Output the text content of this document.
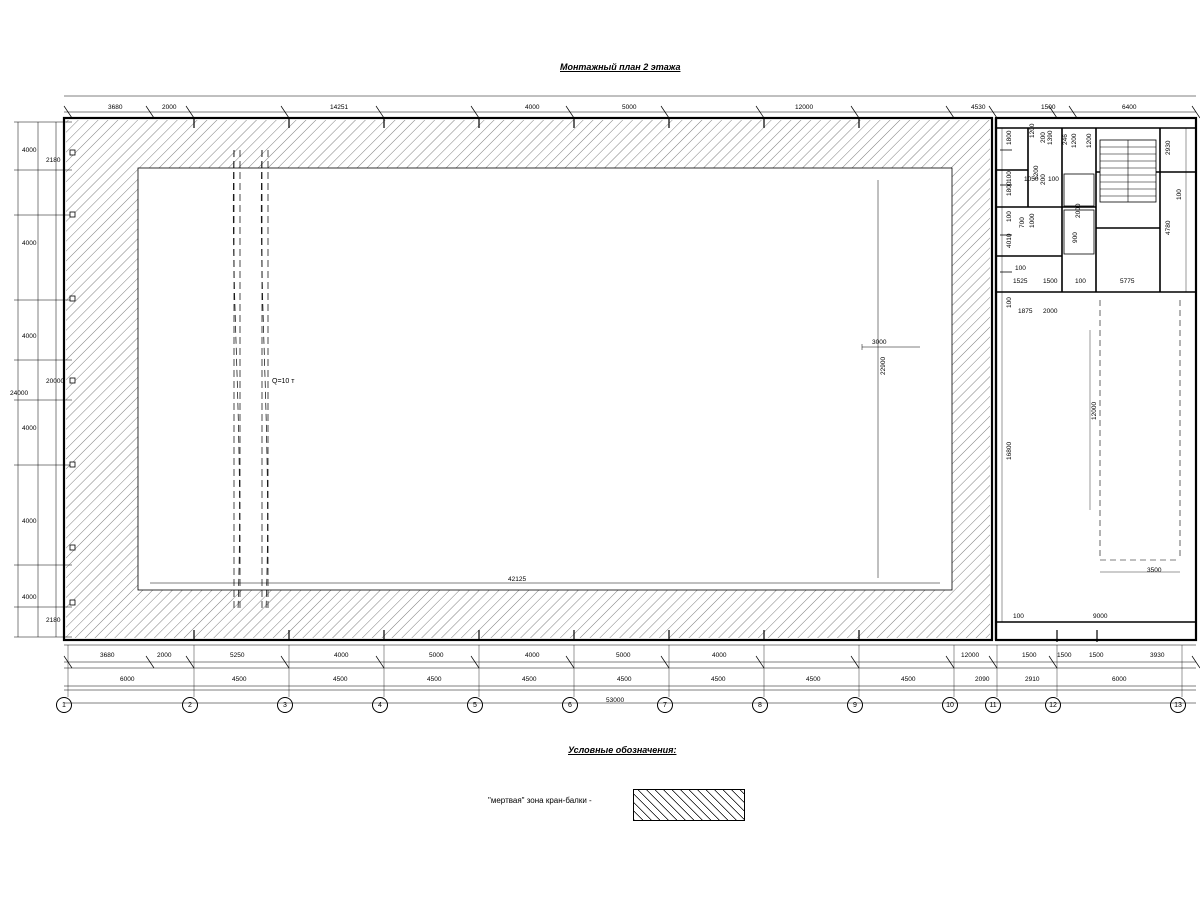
Монтажный план 2 этажа
Условные обозначения:
Q=10 т
"мертвая" зона кран-балки -
3680	2000	14251	4000	5000	12000	4530	1500	6400
3680	2000	5250	4000	5000	4000	5000	4000	12000	1500	1500	1500	3930
6000	4500	4500	4500	4500	4500	4500	4500	4500	2090	2910	6000
2180
4000
4000
4000
20000
24000
4000
4000
4000
2180
3000
22900
42125
1800
100
1800
100
4010
100
16800
1200 1390
200 246 1200 1200	2930
100
4780
1050 100
200
1200
700 1000
2000
900
100
1525 1500	100	5775
1875 2000
12000
3500
100	9000
53000
1	2	3	4	5	6	7	8	9	10	11	12	13
